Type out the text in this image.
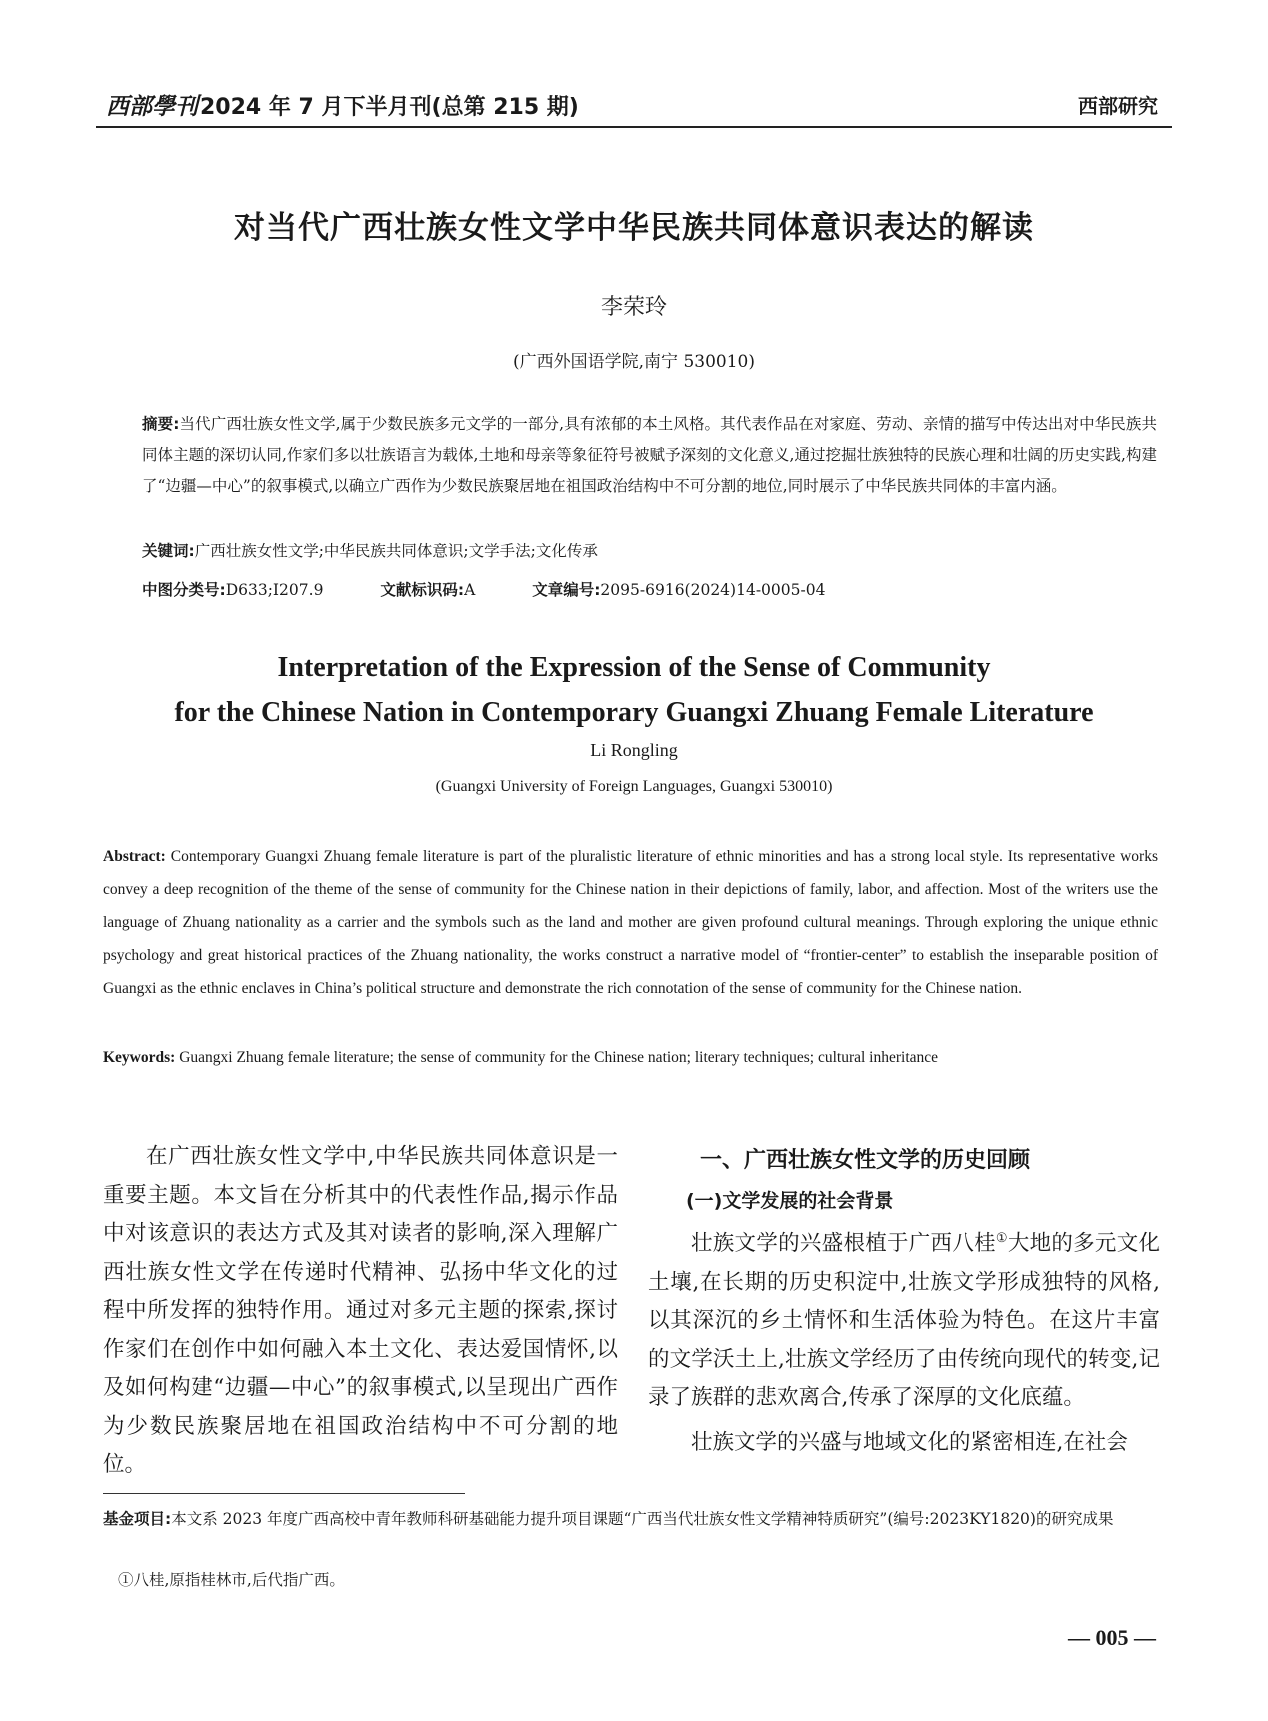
西部學刊2024 年 7 月下半月刊(总第 215 期)	西部研究
对当代广西壮族女性文学中华民族共同体意识表达的解读
李荣玲
(广西外国语学院,南宁 530010)
摘要:当代广西壮族女性文学,属于少数民族多元文学的一部分,具有浓郁的本土风格。其代表作品在对家庭、劳动、亲情的描写中传达出对中华民族共同体主题的深切认同,作家们多以壮族语言为载体,土地和母亲等象征符号被赋予深刻的文化意义,通过挖掘壮族独特的民族心理和壮阔的历史实践,构建了“边疆—中心”的叙事模式,以确立广西作为少数民族聚居地在祖国政治结构中不可分割的地位,同时展示了中华民族共同体的丰富内涵。
关键词:广西壮族女性文学;中华民族共同体意识;文学手法;文化传承
中图分类号:D633;I207.9	文献标识码:A	文章编号:2095-6916(2024)14-0005-04
Interpretation of the Expression of the Sense of Community
for the Chinese Nation in Contemporary Guangxi Zhuang Female Literature
Li Rongling
(Guangxi University of Foreign Languages, Guangxi 530010)
Abstract: Contemporary Guangxi Zhuang female literature is part of the pluralistic literature of ethnic minorities and has a strong local style. Its representative works convey a deep recognition of the theme of the sense of community for the Chinese nation in their depictions of family, labor, and affection. Most of the writers use the language of Zhuang nationality as a carrier and the symbols such as the land and mother are given profound cultural meanings. Through exploring the unique ethnic psychology and great historical practices of the Zhuang nationality, the works construct a narrative model of “frontier-center” to establish the inseparable position of Guangxi as the ethnic enclaves in China’s political structure and demonstrate the rich connotation of the sense of community for the Chinese nation.
Keywords: Guangxi Zhuang female literature; the sense of community for the Chinese nation; literary techniques; cultural inheritance

在广西壮族女性文学中,中华民族共同体意识是一重要主题。本文旨在分析其中的代表性作品,揭示作品中对该意识的表达方式及其对读者的影响,深入理解广西壮族女性文学在传递时代精神、弘扬中华文化的过程中所发挥的独特作用。通过对多元主题的探索,探讨作家们在创作中如何融入本土文化、表达爱国情怀,以及如何构建“边疆—中心”的叙事模式,以呈现出广西作为少数民族聚居地在祖国政治结构中不可分割的地位。

一、广西壮族女性文学的历史回顾
(一)文学发展的社会背景

壮族文学的兴盛根植于广西八桂①大地的多元文化土壤,在长期的历史积淀中,壮族文学形成独特的风格,以其深沉的乡土情怀和生活体验为特色。在这片丰富的文学沃土上,壮族文学经历了由传统向现代的转变,记录了族群的悲欢离合,传承了深厚的文化底蕴。

壮族文学的兴盛与地域文化的紧密相连,在社会

基金项目:本文系 2023 年度广西高校中青年教师科研基础能力提升项目课题“广西当代壮族女性文学精神特质研究”(编号:2023KY1820)的研究成果
①八桂,原指桂林市,后代指广西。
— 005 —
